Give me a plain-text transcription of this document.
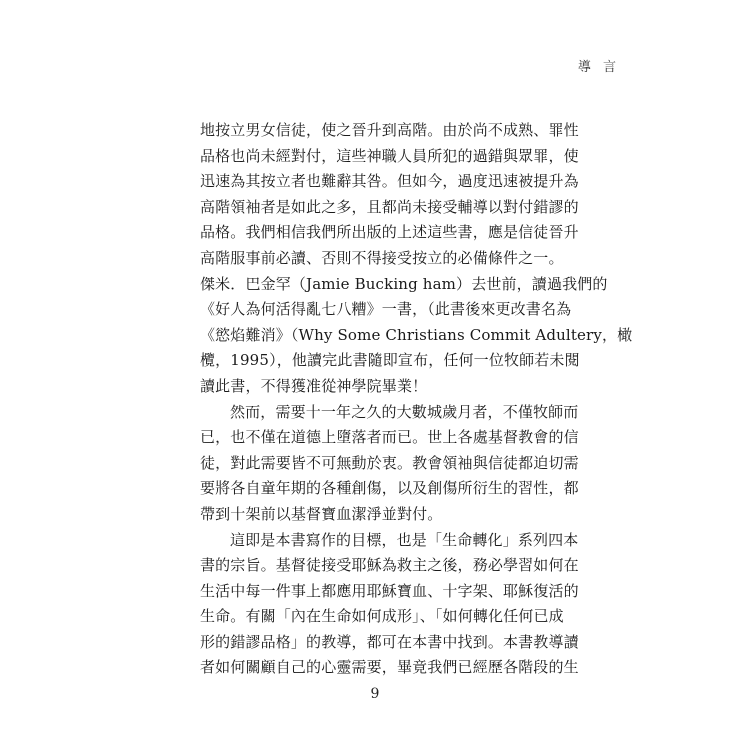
導 言

地按立男女信徒，使之晉升到高階。由於尚不成熟、罪性

品格也尚未經對付，這些神職人員所犯的過錯與眾罪，使

迅速為其按立者也難辭其咎。但如今，過度迅速被提升為

高階領袖者是如此之多，且都尚未接受輔導以對付錯謬的

品格。我們相信我們所出版的上述這些書，應是信徒晉升

高階服事前必讀、否則不得接受按立的必備條件之一。

傑米．巴金罕（Jamie Bucking ham）去世前，讀過我們的

《好人為何活得亂七八糟》一書，（此書後來更改書名為

《慾焰難消》（Why Some Christians Commit Adultery，橄

欖，1995），他讀完此書隨即宣布，任何一位牧師若未閱

讀此書，不得獲准從神學院畢業！

然而，需要十一年之久的大數城歲月者，不僅牧師而

已，也不僅在道德上墮落者而已。世上各處基督教會的信

徒，對此需要皆不可無動於衷。教會領袖與信徒都迫切需

要將各自童年期的各種創傷，以及創傷所衍生的習性，都

帶到十架前以基督寶血潔淨並對付。

這即是本書寫作的目標，也是「生命轉化」系列四本

書的宗旨。基督徒接受耶穌為救主之後，務必學習如何在

生活中每一件事上都應用耶穌寶血、十字架、耶穌復活的

生命。有關「內在生命如何成形」、「如何轉化任何已成

形的錯謬品格」的教導，都可在本書中找到。本書教導讀

者如何關顧自己的心靈需要，畢竟我們已經歷各階段的生

9
